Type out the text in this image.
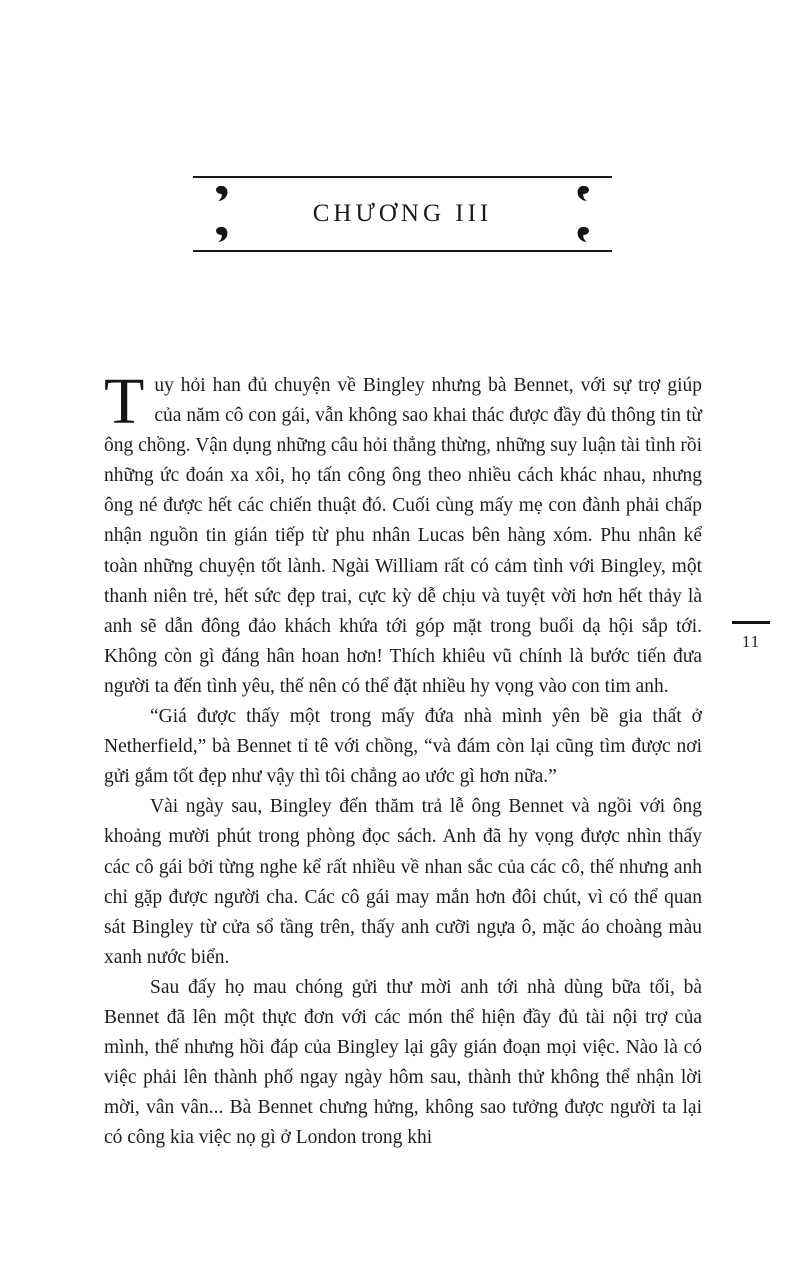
CHƯƠNG III
11

Tuy hỏi han đủ chuyện về Bingley nhưng bà Bennet, với sự trợ giúp của năm cô con gái, vẫn không sao khai thác được đầy đủ thông tin từ ông chồng. Vận dụng những câu hỏi thẳng thừng, những suy luận tài tình rồi những ức đoán xa xôi, họ tấn công ông theo nhiều cách khác nhau, nhưng ông né được hết các chiến thuật đó. Cuối cùng mấy mẹ con đành phải chấp nhận nguồn tin gián tiếp từ phu nhân Lucas bên hàng xóm. Phu nhân kể toàn những chuyện tốt lành. Ngài William rất có cảm tình với Bingley, một thanh niên trẻ, hết sức đẹp trai, cực kỳ dễ chịu và tuyệt vời hơn hết thảy là anh sẽ dẫn đông đảo khách khứa tới góp mặt trong buổi dạ hội sắp tới. Không còn gì đáng hân hoan hơn! Thích khiêu vũ chính là bước tiến đưa người ta đến tình yêu, thế nên có thể đặt nhiều hy vọng vào con tim anh.

“Giá được thấy một trong mấy đứa nhà mình yên bề gia thất ở Netherfield,” bà Bennet tỉ tê với chồng, “và đám còn lại cũng tìm được nơi gửi gắm tốt đẹp như vậy thì tôi chẳng ao ước gì hơn nữa.”

Vài ngày sau, Bingley đến thăm trả lễ ông Bennet và ngồi với ông khoảng mười phút trong phòng đọc sách. Anh đã hy vọng được nhìn thấy các cô gái bởi từng nghe kể rất nhiều về nhan sắc của các cô, thế nhưng anh chỉ gặp được người cha. Các cô gái may mắn hơn đôi chút, vì có thể quan sát Bingley từ cửa sổ tầng trên, thấy anh cưỡi ngựa ô, mặc áo choàng màu xanh nước biển.

Sau đấy họ mau chóng gửi thư mời anh tới nhà dùng bữa tối, bà Bennet đã lên một thực đơn với các món thể hiện đầy đủ tài nội trợ của mình, thế nhưng hồi đáp của Bingley lại gây gián đoạn mọi việc. Nào là có việc phải lên thành phố ngay ngày hôm sau, thành thử không thể nhận lời mời, vân vân... Bà Bennet chưng hửng, không sao tưởng được người ta lại có công kia việc nọ gì ở London trong khi
